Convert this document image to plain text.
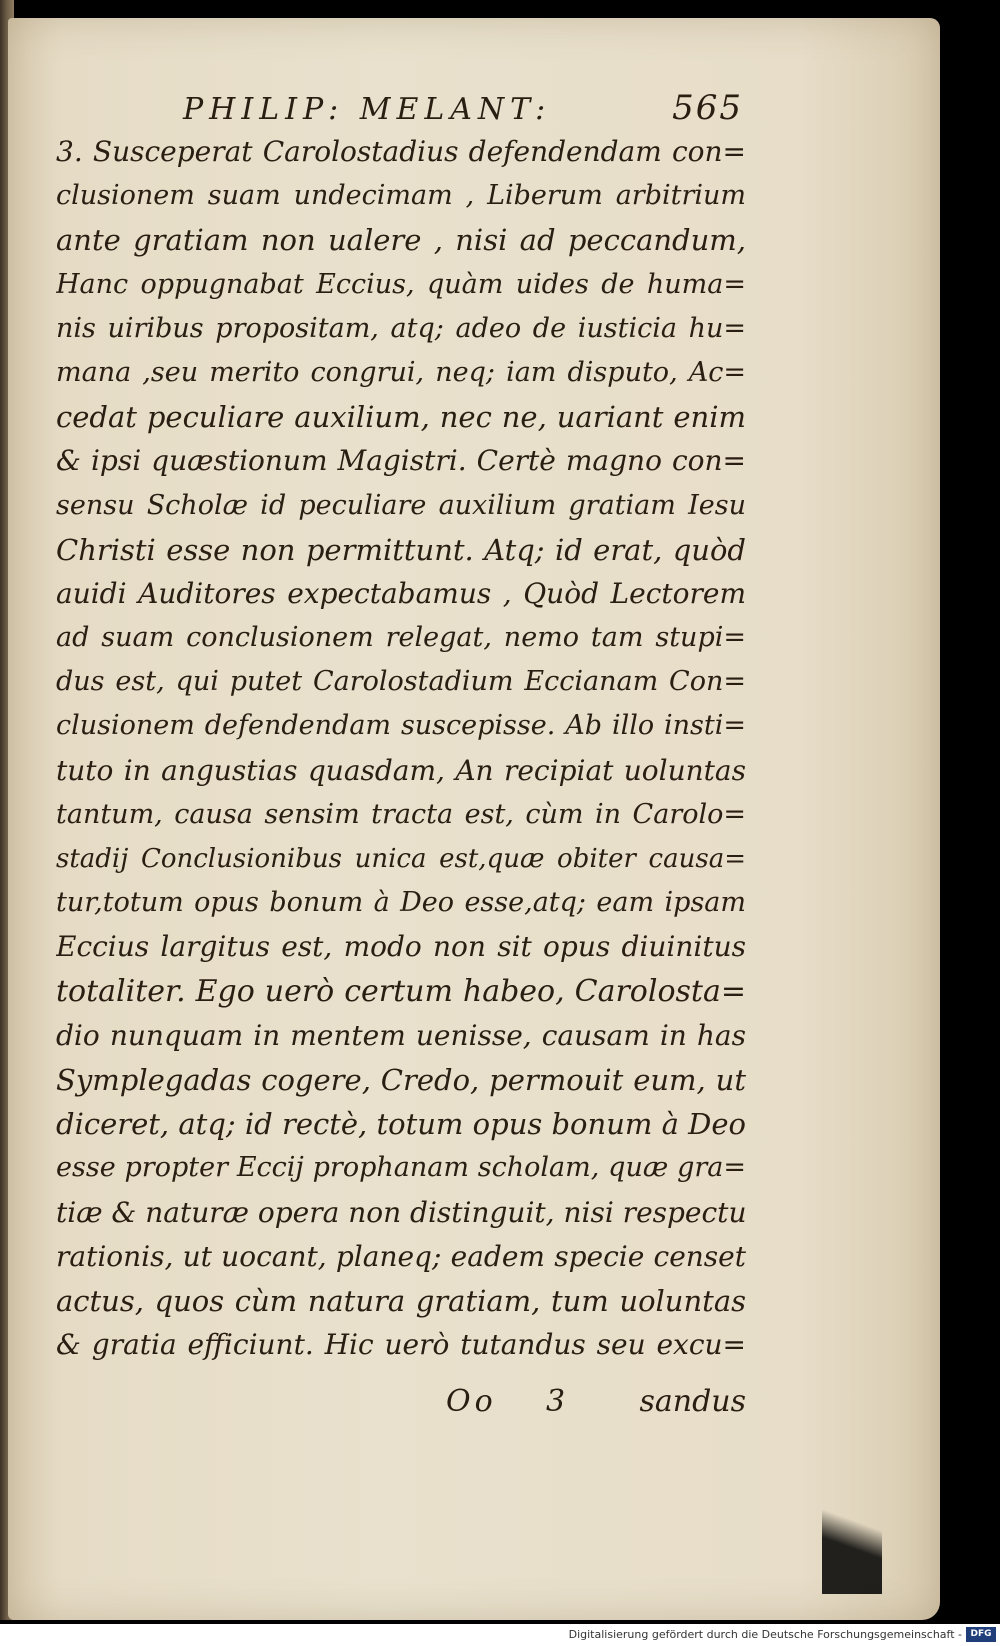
PHILIP: MELANT:	565
3. Susceperat Carolostadius defendendam con=
clusionem suam undecimam , Liberum arbitrium
ante gratiam non ualere , nisi ad peccandum,
Hanc oppugnabat Eccius, quàm uides de huma=
nis uiribus propositam, atq; adeo de iusticia hu=
mana ,seu merito congrui, neq; iam disputo, Ac=
cedat peculiare auxilium, nec ne, uariant enim
& ipsi quæstionum Magistri. Certè magno con=
sensu Scholæ id peculiare auxilium gratiam Iesu
Christi esse non permittunt. Atq; id erat, quòd
auidi Auditores expectabamus , Quòd Lectorem
ad suam conclusionem relegat, nemo tam stupi=
dus est, qui putet Carolostadium Eccianam Con=
clusionem defendendam suscepisse. Ab illo insti=
tuto in angustias quasdam, An recipiat uoluntas
tantum, causa sensim tracta est, cùm in Carolo=
stadij Conclusionibus unica est,quæ obiter causa=
tur,totum opus bonum à Deo esse,atq; eam ipsam
Eccius largitus est, modo non sit opus diuinitus
totaliter. Ego uerò certum habeo, Carolosta=
dio nunquam in mentem uenisse, causam in has
Symplegadas cogere, Credo, permouit eum, ut
diceret, atq; id rectè, totum opus bonum à Deo
esse propter Eccij prophanam scholam, quæ gra=
tiæ & naturæ opera non distinguit, nisi respectu
rationis, ut uocant, planeq; eadem specie censet
actus, quos cùm natura gratiam, tum uoluntas
& gratia efficiunt. Hic uerò tutandus seu excu=
Oo 3 sandus
Digitalisierung gefördert durch die Deutsche Forschungsgemeinschaft - DFG
